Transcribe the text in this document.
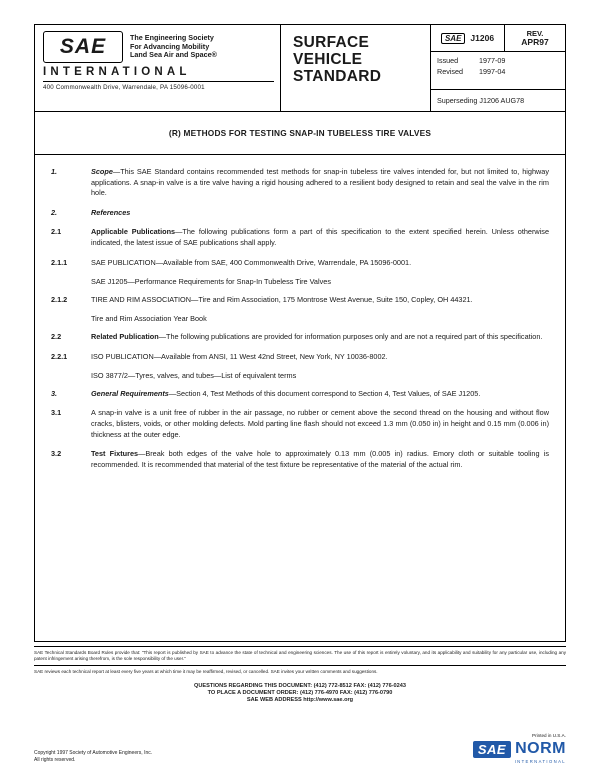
SAE	The Engineering Society
For Advancing Mobility
Land Sea Air and Space®
INTERNATIONAL
400 Commonwealth Drive, Warrendale, PA 15096-0001
SURFACE
VEHICLE
STANDARD
SAE	J1206	REV.
APR97
Issued	1977-09
Revised 1997-04
Superseding J1206 AUG78
(R) METHODS FOR TESTING SNAP-IN TUBELESS TIRE VALVES
1.	Scope—This SAE Standard contains recommended test methods for snap-in tubeless tire valves intended for, but not limited to, highway applications. A snap-in valve is a tire valve having a rigid housing adhered to a resilient body designed to retain and seal the valve in the rim hole.
2.	References
2.1	Applicable Publications—The following publications form a part of this specification to the extent specified herein. Unless otherwise indicated, the latest issue of SAE publications shall apply.
2.1.1	SAE PUBLICATION—Available from SAE, 400 Commonwealth Drive, Warrendale, PA 15096-0001.
SAE J1205—Performance Requirements for Snap-In Tubeless Tire Valves
2.1.2	TIRE AND RIM ASSOCIATION—Tire and Rim Association, 175 Montrose West Avenue, Suite 150, Copley, OH 44321.
Tire and Rim Association Year Book
2.2	Related Publication—The following publications are provided for information purposes only and are not a required part of this specification.
2.2.1	ISO PUBLICATION—Available from ANSI, 11 West 42nd Street, New York, NY 10036-8002.
ISO 3877/2—Tyres, valves, and tubes—List of equivalent terms
3.	General Requirements—Section 4, Test Methods of this document correspond to Section 4, Test Values, of SAE J1205.
3.1	A snap-in valve is a unit free of rubber in the air passage, no rubber or cement above the second thread on the housing and without flow cracks, blisters, voids, or other molding defects. Mold parting line flash should not exceed 1.3 mm (0.050 in) in height and 0.15 mm (0.006 in) thickness at the outer edge.
3.2	Test Fixtures—Break both edges of the valve hole to approximately 0.13 mm (0.005 in) radius. Emory cloth or suitable tooling is recommended. It is recommended that material of the test fixture be representative of the material of the actual rim.
SAE Technical Standards Board Rules provide that: "This report is published by SAE to advance the state of technical and engineering sciences. The use of this report is entirely voluntary, and its applicability and suitability for any particular use, including any patent infringement arising therefrom, is the sole responsibility of the user."
SAE reviews each technical report at least every five years at which time it may be reaffirmed, revised, or cancelled. SAE invites your written comments and suggestions.
QUESTIONS REGARDING THIS DOCUMENT: (412) 772-8512 FAX: (412) 776-0243
TO PLACE A DOCUMENT ORDER: (412) 776-4970 FAX: (412) 776-0790
SAE WEB ADDRESS http://www.sae.org
Copyright 1997 Society of Automotive Engineers, Inc.
All rights reserved.
Printed in U.S.A.
SAE NORM
INTERNATIONAL
